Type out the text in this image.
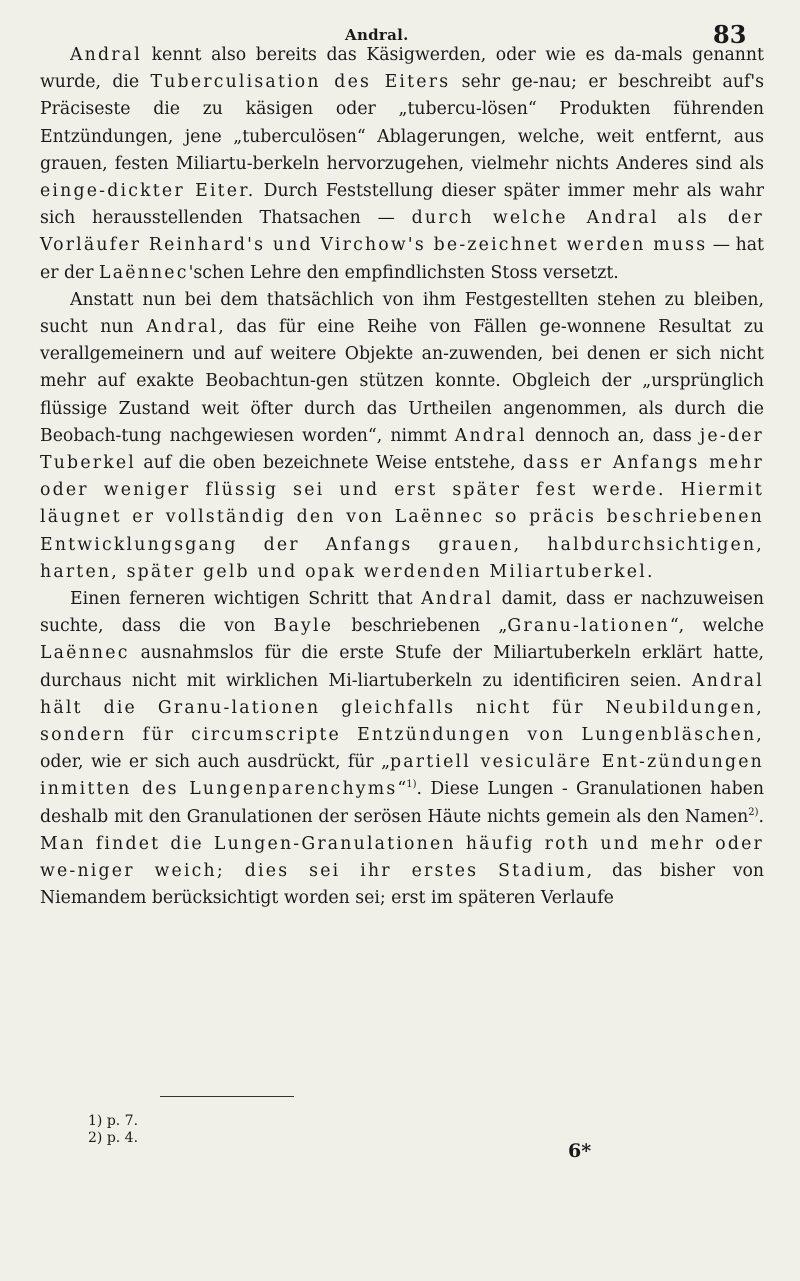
Andral.	83

Andral kennt also bereits das Käsigwerden, oder wie es da-mals genannt wurde, die Tuberculisation des Eiters sehr ge-nau; er beschreibt auf's Präciseste die zu käsigen oder „tubercu-lösen“ Produkten führenden Entzündungen, jene „tuberculösen“ Ablagerungen, welche, weit entfernt, aus grauen, festen Miliartu-berkeln hervorzugehen, vielmehr nichts Anderes sind als einge-dickter Eiter. Durch Feststellung dieser später immer mehr als wahr sich herausstellenden Thatsachen — durch welche Andral als der Vorläufer Reinhard's und Virchow's be-zeichnet werden muss — hat er der Laënnec'schen Lehre den empfindlichsten Stoss versetzt.

Anstatt nun bei dem thatsächlich von ihm Festgestellten stehen zu bleiben, sucht nun Andral, das für eine Reihe von Fällen ge-wonnene Resultat zu verallgemeinern und auf weitere Objekte an-zuwenden, bei denen er sich nicht mehr auf exakte Beobachtun-gen stützen konnte. Obgleich der „ursprünglich flüssige Zustand weit öfter durch das Urtheilen angenommen, als durch die Beobach-tung nachgewiesen worden“, nimmt Andral dennoch an, dass je-der Tuberkel auf die oben bezeichnete Weise entstehe, dass er Anfangs mehr oder weniger flüssig sei und erst später fest werde. Hiermit läugnet er vollständig den von Laënnec so präcis beschriebenen Entwicklungsgang der Anfangs grauen, halbdurchsichtigen, harten, später gelb und opak werdenden Miliartuberkel.

Einen ferneren wichtigen Schritt that Andral damit, dass er nachzuweisen suchte, dass die von Bayle beschriebenen „Granu-lationen“, welche Laënnec ausnahmslos für die erste Stufe der Miliartuberkeln erklärt hatte, durchaus nicht mit wirklichen Mi-liartuberkeln zu identificiren seien. Andral hält die Granu-lationen gleichfalls nicht für Neubildungen, sondern für circumscripte Entzündungen von Lungenbläschen, oder, wie er sich auch ausdrückt, für „partiell vesiculäre Ent-zündungen inmitten des Lungenparenchyms“$^{1)}$. Diese Lungen - Granulationen haben deshalb mit den Granulationen der serösen Häute nichts gemein als den Namen$^{2)}$. Man findet die Lungen-Granulationen häufig roth und mehr oder we-niger weich; dies sei ihr erstes Stadium, das bisher von Niemandem berücksichtigt worden sei; erst im späteren Verlaufe

1) p. 7.
2) p. 4.
6*
